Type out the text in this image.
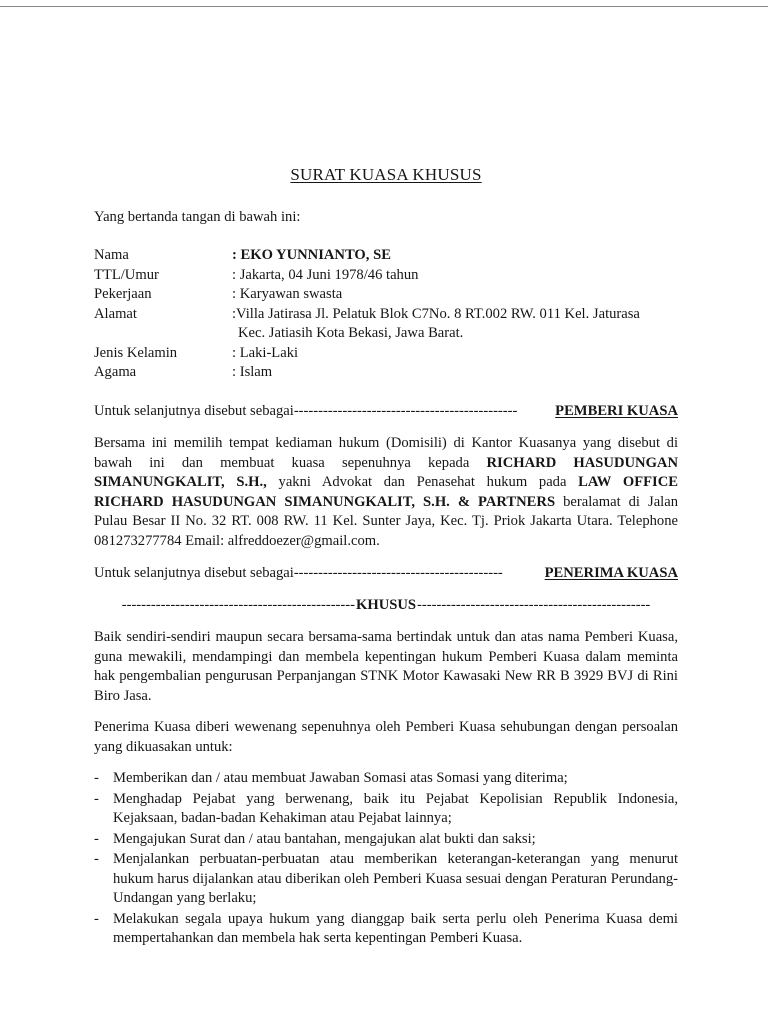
SURAT KUASA KHUSUS
Yang bertanda tangan di bawah ini:
Nama	: EKO YUNNIANTO, SE
TTL/Umur	: Jakarta, 04 Juni 1978/46 tahun
Pekerjaan	: Karyawan swasta
Alamat	:Villa Jatirasa Jl. Pelatuk Blok C7No. 8 RT.002 RW. 011 Kel. Jaturasa
Kec. Jatiasih Kota Bekasi, Jawa Barat.
Jenis Kelamin	: Laki-Laki
Agama	: Islam
Untuk selanjutnya disebut sebagai ----------------------------------------------	PEMBERI KUASA
Bersama ini memilih tempat kediaman hukum (Domisili) di Kantor Kuasanya yang disebut di bawah ini dan membuat kuasa sepenuhnya kepada RICHARD HASUDUNGAN SIMANUNGKALIT, S.H., yakni Advokat dan Penasehat hukum pada LAW OFFICE RICHARD HASUDUNGAN SIMANUNGKALIT, S.H. & PARTNERS beralamat di Jalan Pulau Besar II No. 32 RT. 008 RW. 11 Kel. Sunter Jaya, Kec. Tj. Priok Jakarta Utara. Telephone 081273277784 Email: alfreddoezer@gmail.com.
Untuk selanjutnya disebut sebagai -------------------------------------------	PENERIMA KUASA
------------------------------------------------ KHUSUS ------------------------------------------------
Baik sendiri-sendiri maupun secara bersama-sama bertindak untuk dan atas nama Pemberi Kuasa, guna mewakili, mendampingi dan membela kepentingan hukum Pemberi Kuasa dalam meminta hak pengembalian pengurusan Perpanjangan STNK Motor Kawasaki New RR B 3929 BVJ di Rini Biro Jasa.
Penerima Kuasa diberi wewenang sepenuhnya oleh Pemberi Kuasa sehubungan dengan persoalan yang dikuasakan untuk:
- Memberikan dan / atau membuat Jawaban Somasi atas Somasi yang diterima;
- Menghadap Pejabat yang berwenang, baik itu Pejabat Kepolisian Republik Indonesia, Kejaksaan, badan-badan Kehakiman atau Pejabat lainnya;
- Mengajukan Surat dan / atau bantahan, mengajukan alat bukti dan saksi;
- Menjalankan perbuatan-perbuatan atau memberikan keterangan-keterangan yang menurut hukum harus dijalankan atau diberikan oleh Pemberi Kuasa sesuai dengan Peraturan Perundang-Undangan yang berlaku;
- Melakukan segala upaya hukum yang dianggap baik serta perlu oleh Penerima Kuasa demi mempertahankan dan membela hak serta kepentingan Pemberi Kuasa.
